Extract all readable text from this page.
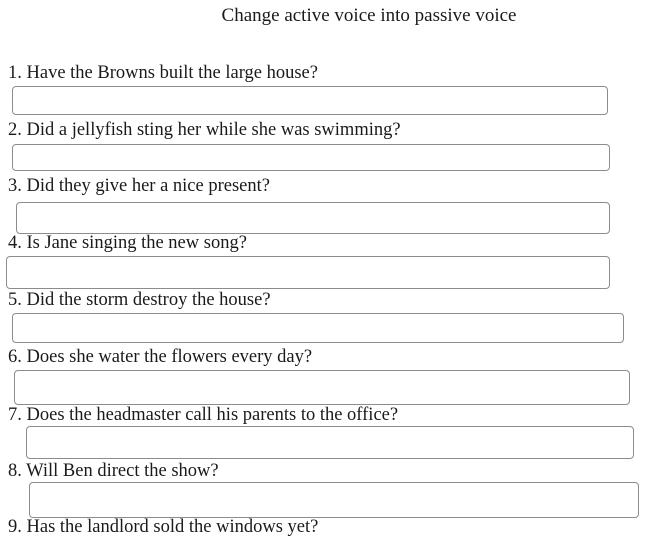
Change active voice into passive voice
1. Have the Browns built the large house?
2. Did a jellyfish sting her while she was swimming?
3. Did they give her a nice present?
4. Is Jane singing the new song?
5. Did the storm destroy the house?
6. Does she water the flowers every day?
7. Does the headmaster call his parents to the office?
8. Will Ben direct the show?
9. Has the landlord sold the windows yet?
